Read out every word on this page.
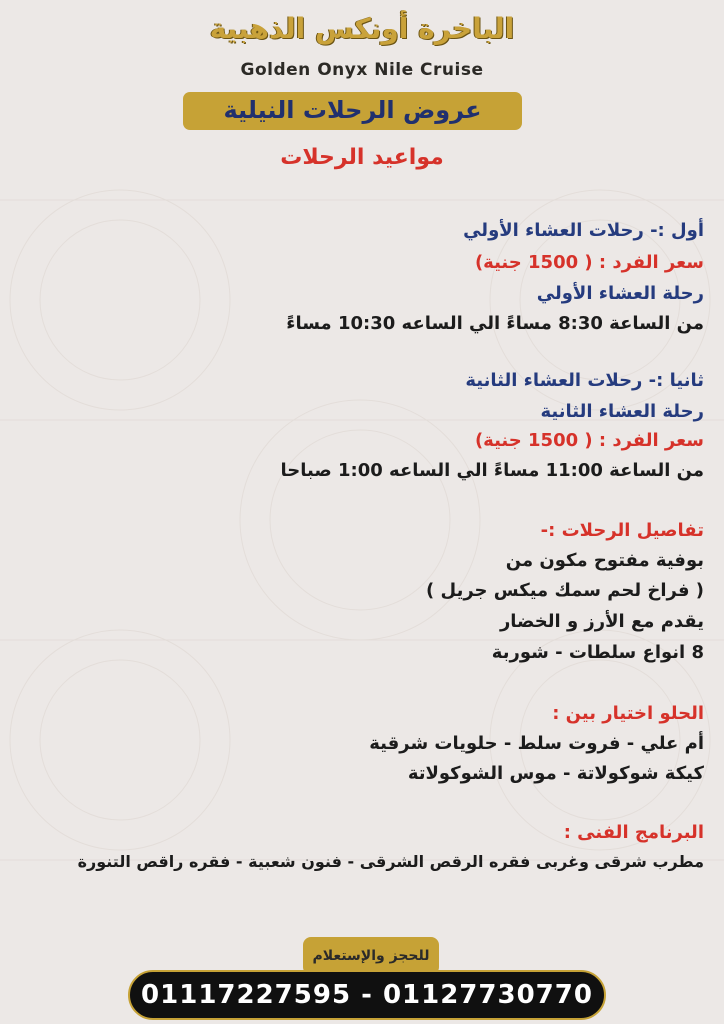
الباخرة أونكس الذهبية
Golden Onyx Nile Cruise
عروض الرحلات النيلية
مواعيد الرحلات
أول :- رحلات العشاء الأولي
سعر الفرد : ( 1500 جنية)
رحلة العشاء الأولي
من الساعة 8:30 مساءً الي الساعه 10:30 مساءً
ثانيا :- رحلات العشاء الثانية
رحلة العشاء الثانية
سعر الفرد : ( 1500 جنية)
من الساعة 11:00 مساءً الي الساعه 1:00 صباحا
تفاصيل الرحلات :-
بوفية مفتوح مكون من
( فراخ لحم سمك ميكس جريل )
يقدم مع الأرز و الخضار
8 انواع سلطات - شوربة
الحلو اختيار بين :
أم علي - فروت سلط - حلويات شرقية
كيكة شوكولاتة - موس الشوكولاتة
البرنامج الفنى :
مطرب شرقى وغربى فقره الرقص الشرقى - فنون شعبية - فقره راقص التنورة
للحجز والإستعلام
01117227595 - 01127730770
